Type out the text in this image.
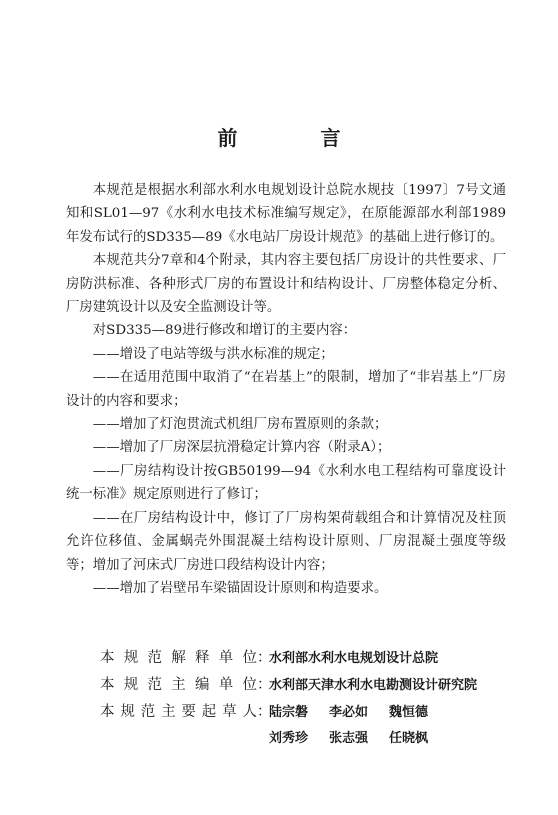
前 言

本规范是根据水利部水利水电规划设计总院水规技〔1997〕7号文通知和SL01—97《水利水电技术标准编写规定》，在原能源部水利部1989年发布试行的SD335—89《水电站厂房设计规范》的基础上进行修订的。

本规范共分7章和4个附录，其内容主要包括厂房设计的共性要求、厂房防洪标准、各种形式厂房的布置设计和结构设计、厂房整体稳定分析、厂房建筑设计以及安全监测设计等。

对SD335—89进行修改和增订的主要内容：

——增设了电站等级与洪水标准的规定；

——在适用范围中取消了“在岩基上”的限制，增加了“非岩基上”厂房设计的内容和要求；

——增加了灯泡贯流式机组厂房布置原则的条款；

——增加了厂房深层抗滑稳定计算内容（附录A）；

——厂房结构设计按GB50199—94《水利水电工程结构可靠度设计统一标准》规定原则进行了修订；

——在厂房结构设计中，修订了厂房构架荷载组合和计算情况及柱顶允许位移值、金属蜗壳外围混凝土结构设计原则、厂房混凝土强度等级等；增加了河床式厂房进口段结构设计内容；

——增加了岩壁吊车梁锚固设计原则和构造要求。

本规范解释单位 ：
水利部水利水电规划设计总院
本规范主编单位 ：
水利部天津水利水电勘测设计研究院
本规范主要起草人 ：
陆宗磐	李必如	魏恒德
刘秀珍	张志强	任晓枫
